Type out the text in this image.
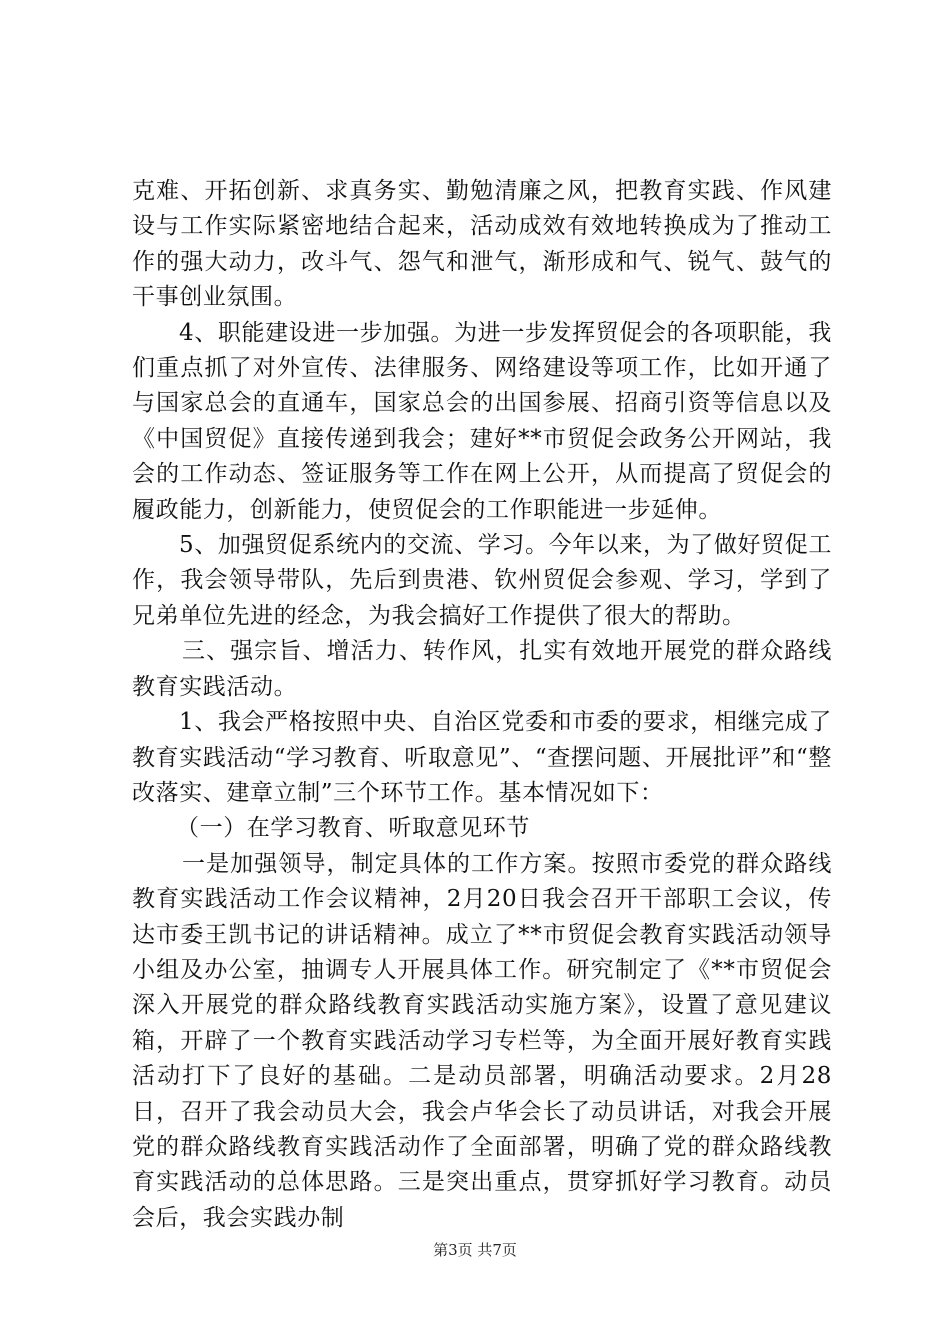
克难、开拓创新、求真务实、勤勉清廉之风，把教育实践、作风建设与工作实际紧密地结合起来，活动成效有效地转换成为了推动工作的强大动力，改斗气、怨气和泄气，渐形成和气、锐气、鼓气的干事创业氛围。

4、职能建设进一步加强。为进一步发挥贸促会的各项职能，我们重点抓了对外宣传、法律服务、网络建设等项工作，比如开通了与国家总会的直通车，国家总会的出国参展、招商引资等信息以及《中国贸促》直接传递到我会；建好**市贸促会政务公开网站，我会的工作动态、签证服务等工作在网上公开，从而提高了贸促会的履政能力，创新能力，使贸促会的工作职能进一步延伸。

5、加强贸促系统内的交流、学习。今年以来，为了做好贸促工作，我会领导带队，先后到贵港、钦州贸促会参观、学习，学到了兄弟单位先进的经念，为我会搞好工作提供了很大的帮助。

三、强宗旨、增活力、转作风，扎实有效地开展党的群众路线教育实践活动。

1、我会严格按照中央、自治区党委和市委的要求，相继完成了教育实践活动“学习教育、听取意见”、“查摆问题、开展批评”和“整改落实、建章立制”三个环节工作。基本情况如下：

（一）在学习教育、听取意见环节

一是加强领导，制定具体的工作方案。按照市委党的群众路线教育实践活动工作会议精神，2月20日我会召开干部职工会议，传达市委王凯书记的讲话精神。成立了**市贸促会教育实践活动领导小组及办公室，抽调专人开展具体工作。研究制定了《**市贸促会深入开展党的群众路线教育实践活动实施方案》，设置了意见建议箱，开辟了一个教育实践活动学习专栏等，为全面开展好教育实践活动打下了良好的基础。二是动员部署，明确活动要求。2月28日，召开了我会动员大会，我会卢华会长了动员讲话，对我会开展党的群众路线教育实践活动作了全面部署，明确了党的群众路线教育实践活动的总体思路。三是突出重点，贯穿抓好学习教育。动员会后，我会实践办制

第3页 共7页
